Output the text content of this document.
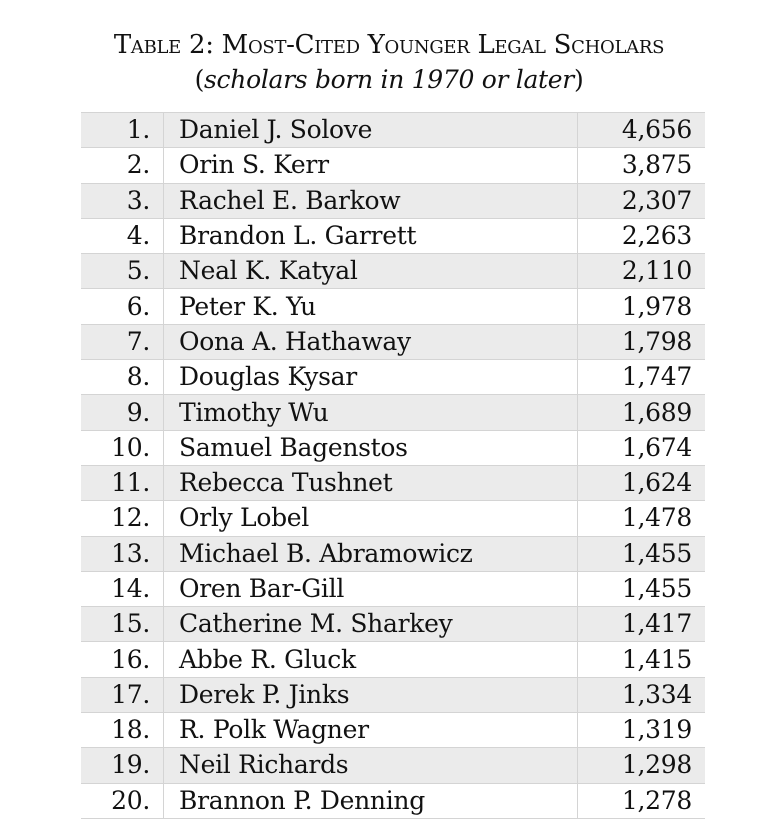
Table 2: Most-Cited Younger Legal Scholars
(scholars born in 1970 or later)
1.	Daniel J. Solove	4,656
2.	Orin S. Kerr	3,875
3.	Rachel E. Barkow	2,307
4.	Brandon L. Garrett	2,263
5.	Neal K. Katyal	2,110
6.	Peter K. Yu	1,978
7.	Oona A. Hathaway	1,798
8.	Douglas Kysar	1,747
9.	Timothy Wu	1,689
10.	Samuel Bagenstos	1,674
11.	Rebecca Tushnet	1,624
12.	Orly Lobel	1,478
13.	Michael B. Abramowicz	1,455
14.	Oren Bar-Gill	1,455
15.	Catherine M. Sharkey	1,417
16.	Abbe R. Gluck	1,415
17.	Derek P. Jinks	1,334
18.	R. Polk Wagner	1,319
19.	Neil Richards	1,298
20.	Brannon P. Denning	1,278
